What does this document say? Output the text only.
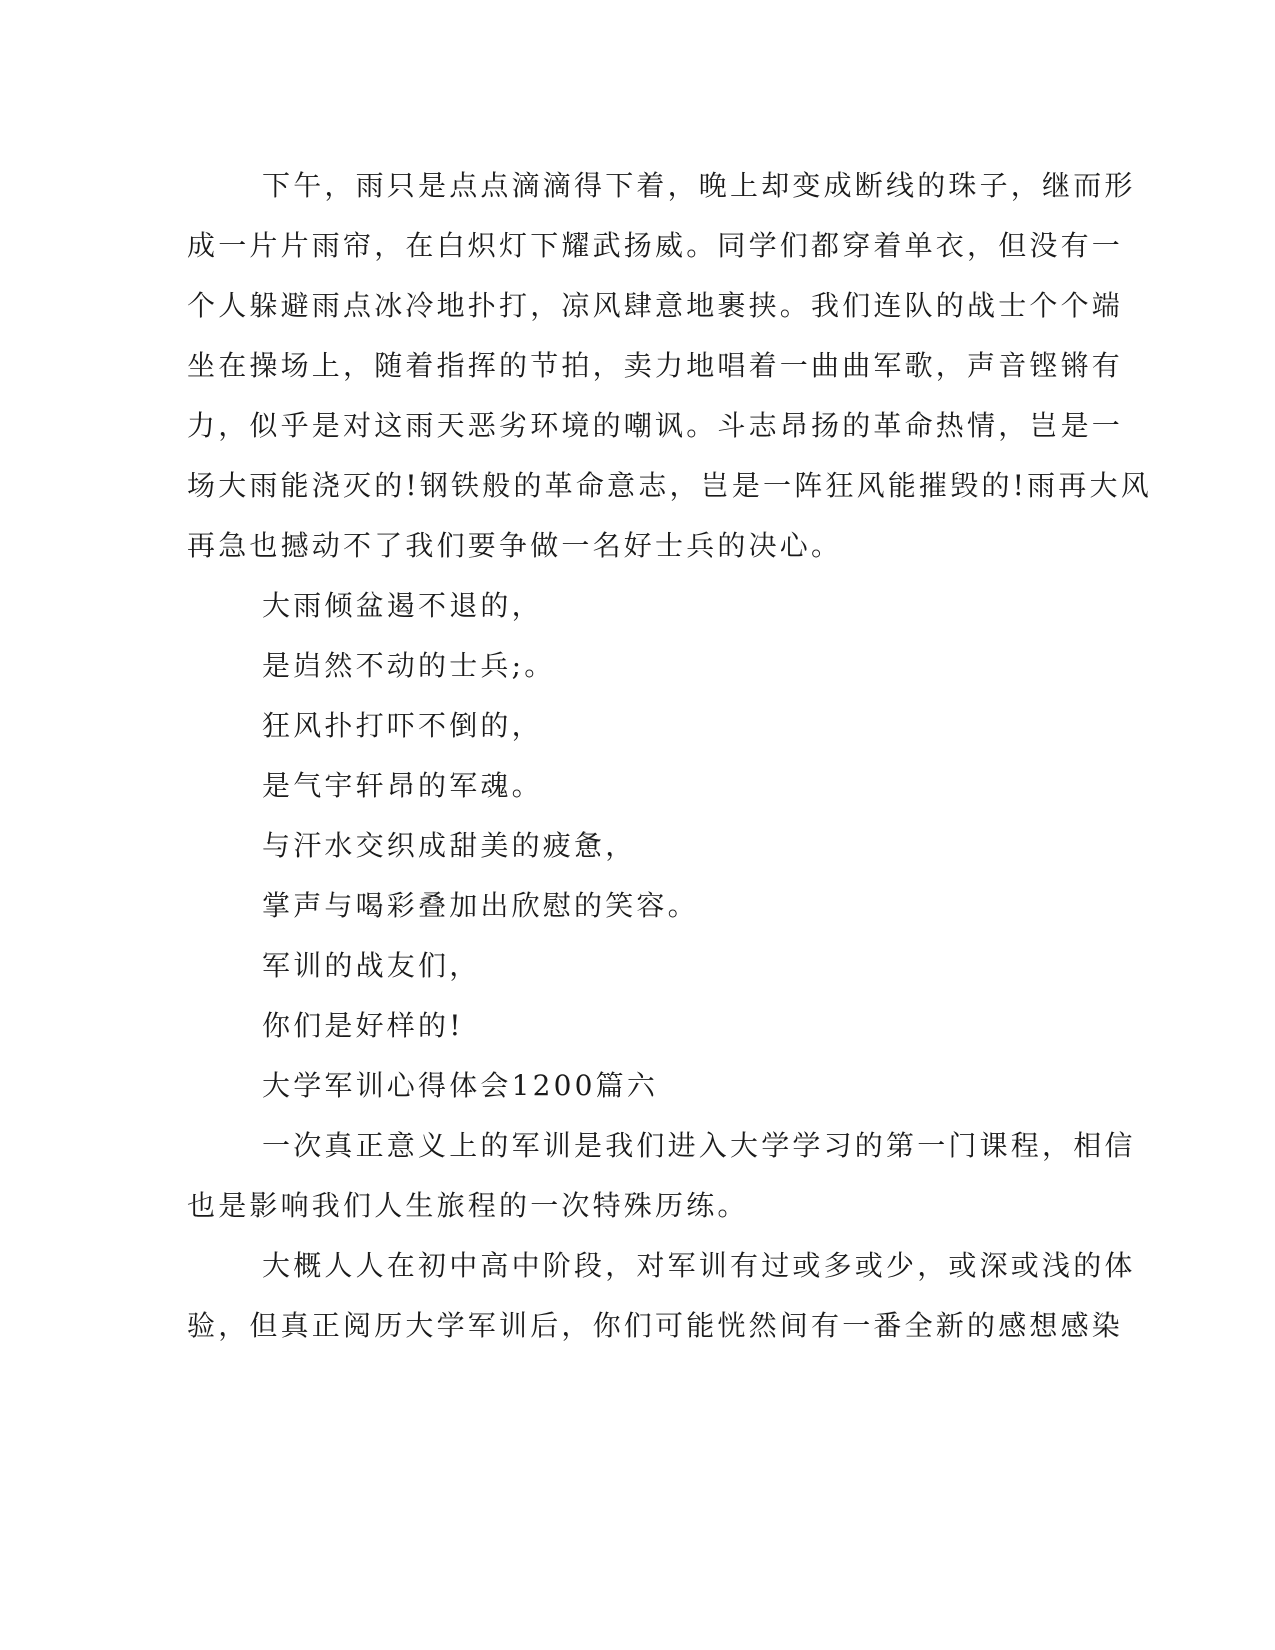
下午，雨只是点点滴滴得下着，晚上却变成断线的珠子，继而形
成一片片雨帘，在白炽灯下耀武扬威。同学们都穿着单衣，但没有一
个人躲避雨点冰冷地扑打，凉风肆意地裹挟。我们连队的战士个个端
坐在操场上，随着指挥的节拍，卖力地唱着一曲曲军歌，声音铿锵有
力，似乎是对这雨天恶劣环境的嘲讽。斗志昂扬的革命热情，岂是一
场大雨能浇灭的!钢铁般的革命意志，岂是一阵狂风能摧毁的!雨再大风
再急也撼动不了我们要争做一名好士兵的决心。
大雨倾盆遏不退的，
是岿然不动的士兵;。
狂风扑打吓不倒的，
是气宇轩昂的军魂。
与汗水交织成甜美的疲惫，
掌声与喝彩叠加出欣慰的笑容。
军训的战友们，
你们是好样的!
大学军训心得体会1200篇六
一次真正意义上的军训是我们进入大学学习的第一门课程，相信
也是影响我们人生旅程的一次特殊历练。
大概人人在初中高中阶段，对军训有过或多或少，或深或浅的体
验，但真正阅历大学军训后，你们可能恍然间有一番全新的感想感染
